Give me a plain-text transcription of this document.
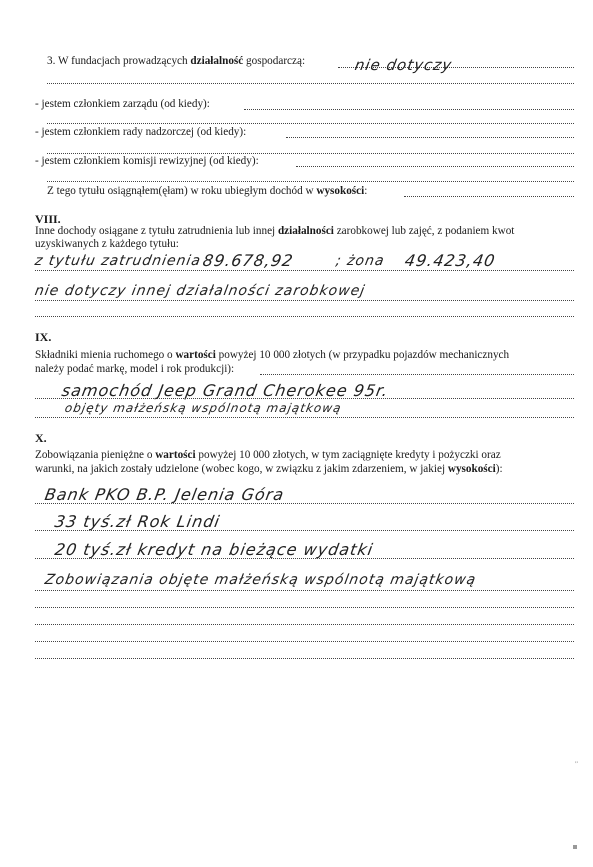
3. W fundacjach prowadzących działalność gospodarczą:	nie dotyczy
- jestem członkiem zarządu (od kiedy):
- jestem członkiem rady nadzorczej (od kiedy):
- jestem członkiem komisji rewizyjnej (od kiedy):
Z tego tytułu osiągnąłem(ęłam) w roku ubiegłym dochód w wysokości:
VIII.
Inne dochody osiągane z tytułu zatrudnienia lub innej działalności zarobkowej lub zajęć, z podaniem kwot
uzyskiwanych z każdego tytułu:
z tytułu zatrudnienia
89.678,92	; żona 49.423,40
nie dotyczy innej działalności zarobkowej
IX.
Składniki mienia ruchomego o wartości powyżej 10 000 złotych (w przypadku pojazdów mechanicznych
należy podać markę, model i rok produkcji):
samochód Jeep Grand Cherokee 95r.
objęty małżeńską wspólnotą majątkową
X.
Zobowiązania pieniężne o wartości powyżej 10 000 złotych, w tym zaciągnięte kredyty i pożyczki oraz
warunki, na jakich zostały udzielone (wobec kogo, w związku z jakim zdarzeniem, w jakiej wysokości):
Bank PKO B.P. Jelenia Góra
33 tyś.zł Rok Lindi
20 tyś.zł kredyt na bieżące wydatki
Zobowiązania objęte małżeńską wspólnotą majątkową
,,
